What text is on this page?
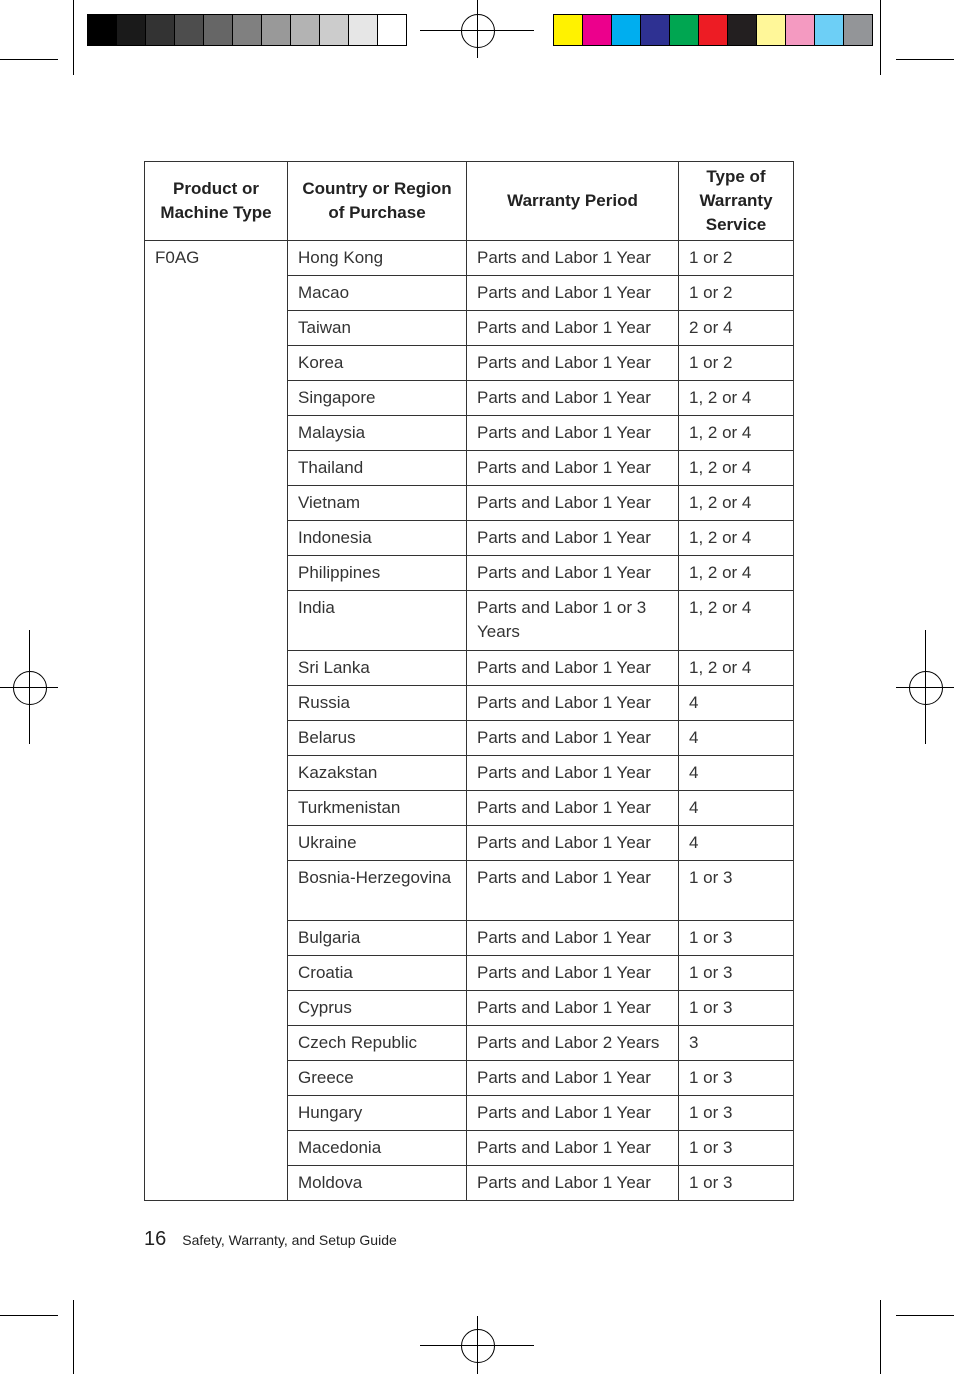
Product or Machine Type	Country or Region of Purchase	Warranty Period	Type of Warranty Service
F0AG	Hong Kong	Parts and Labor 1 Year	1 or 2
	Macao	Parts and Labor 1 Year	1 or 2
	Taiwan	Parts and Labor 1 Year	2 or 4
	Korea	Parts and Labor 1 Year	1 or 2
	Singapore	Parts and Labor 1 Year	1, 2 or 4
	Malaysia	Parts and Labor 1 Year	1, 2 or 4
	Thailand	Parts and Labor 1 Year	1, 2 or 4
	Vietnam	Parts and Labor 1 Year	1, 2 or 4
	Indonesia	Parts and Labor 1 Year	1, 2 or 4
	Philippines	Parts and Labor 1 Year	1, 2 or 4
	India	Parts and Labor 1 or 3 Years	1, 2 or 4
	Sri Lanka	Parts and Labor 1 Year	1, 2 or 4
	Russia	Parts and Labor 1 Year	4
	Belarus	Parts and Labor 1 Year	4
	Kazakstan	Parts and Labor 1 Year	4
	Turkmenistan	Parts and Labor 1 Year	4
	Ukraine	Parts and Labor 1 Year	4
	Bosnia-Herzegovina	Parts and Labor 1 Year	1 or 3
	Bulgaria	Parts and Labor 1 Year	1 or 3
	Croatia	Parts and Labor 1 Year	1 or 3
	Cyprus	Parts and Labor 1 Year	1 or 3
	Czech Republic	Parts and Labor 2 Years	3
	Greece	Parts and Labor 1 Year	1 or 3
	Hungary	Parts and Labor 1 Year	1 or 3
	Macedonia	Parts and Labor 1 Year	1 or 3
	Moldova	Parts and Labor 1 Year	1 or 3
16 Safety, Warranty, and Setup Guide
